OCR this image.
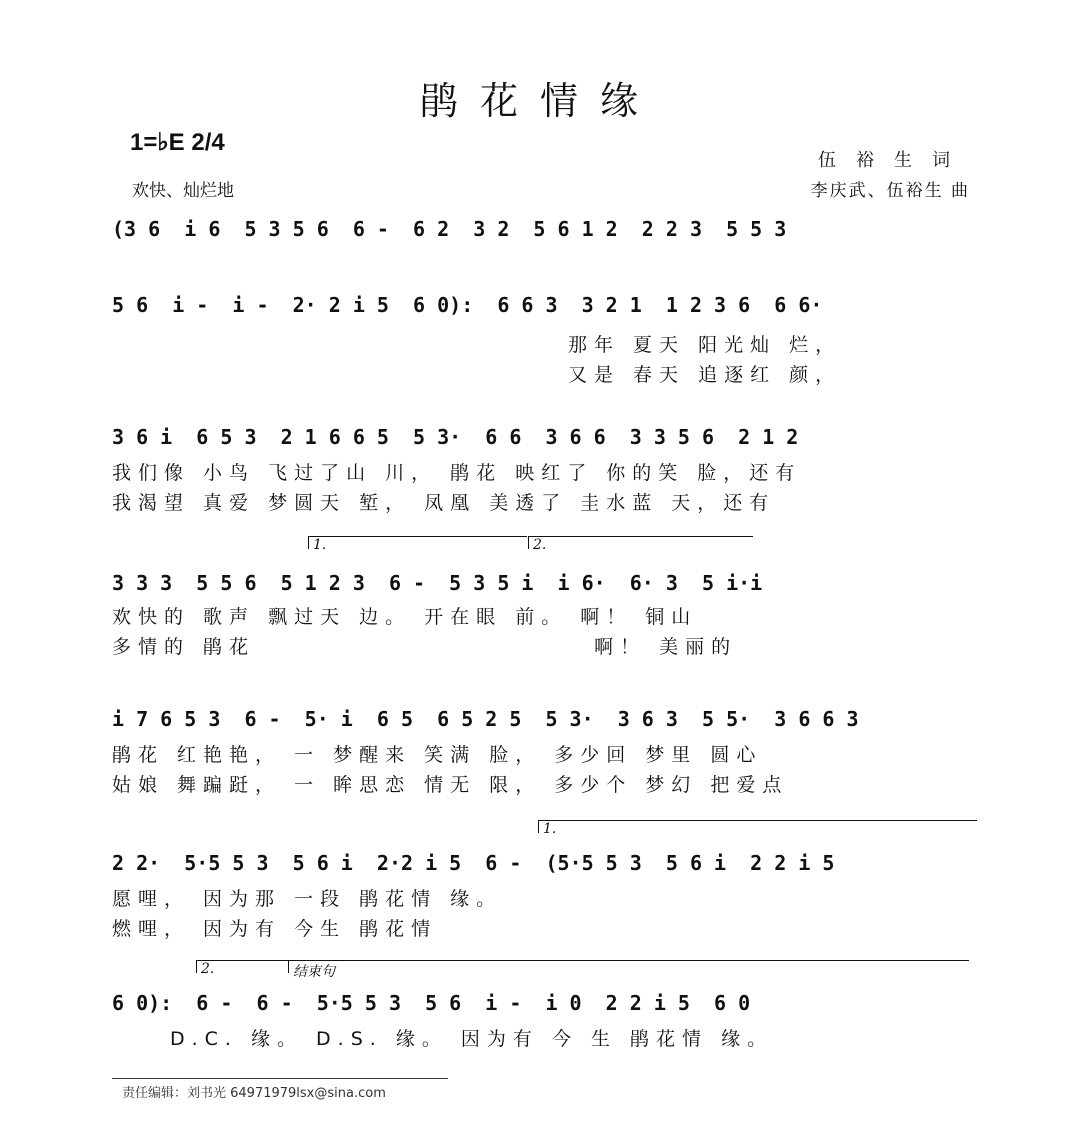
鹃花情缘
1=♭E 2/4
欢快、灿烂地
伍裕生词
李庆武、伍裕生 曲
(3 6  i 6  5 3 5 6  6 -  6 2  3 2  5 6 1 2  2 2 3  5 5 3
5 6  i -  i -  2· 2 i 5  6 0):  6 6 3  3 2 1  1 2 3 6  6 6·
那年 夏天 阳光灿 烂，
又是 春天 追逐红 颜，
3 6 i  6 5 3  2 1 6 6 5  5 3·  6 6  3 6 6  3 3 5 6  2 1 2
我们像 小鸟 飞过了山 川， 鹃花 映红了 你的笑 脸，还有
我渴望 真爱 梦圆天 堑， 凤凰 美透了 圭水蓝 天，还有
1.	2.
3 3 3  5 5 6  5 1 2 3  6 -  5 3 5 i  i 6·  6· 3  5 i·i
欢快的 歌声 飘过天 边。 开在眼 前。 啊！ 铜山
多情的 鹃花                          啊！ 美丽的
i 7 6 5 3  6 -  5· i  6 5  6 5 2 5  5 3·  3 6 3  5 5·  3 6 6 3
鹃花 红艳艳， 一 梦醒来 笑满 脸， 多少回 梦里 圆心
姑娘 舞蹁跹， 一 眸思恋 情无 限， 多少个 梦幻 把爱点
1.
2 2·  5·5 5 3  5 6 i  2·2 i 5  6 -  (5·5 5 3  5 6 i  2 2 i 5
愿哩， 因为那 一段 鹃花情 缘。
燃哩， 因为有 今生 鹃花情
2.	结束句
6 0):  6 -  6 -  5·5 5 3  5 6  i -  i 0  2 2 i 5  6 0
D.C. 缘。 D.S. 缘。 因为有 今 生 鹃花情 缘。
责任编辑：刘书光 64971979lsx@sina.com
